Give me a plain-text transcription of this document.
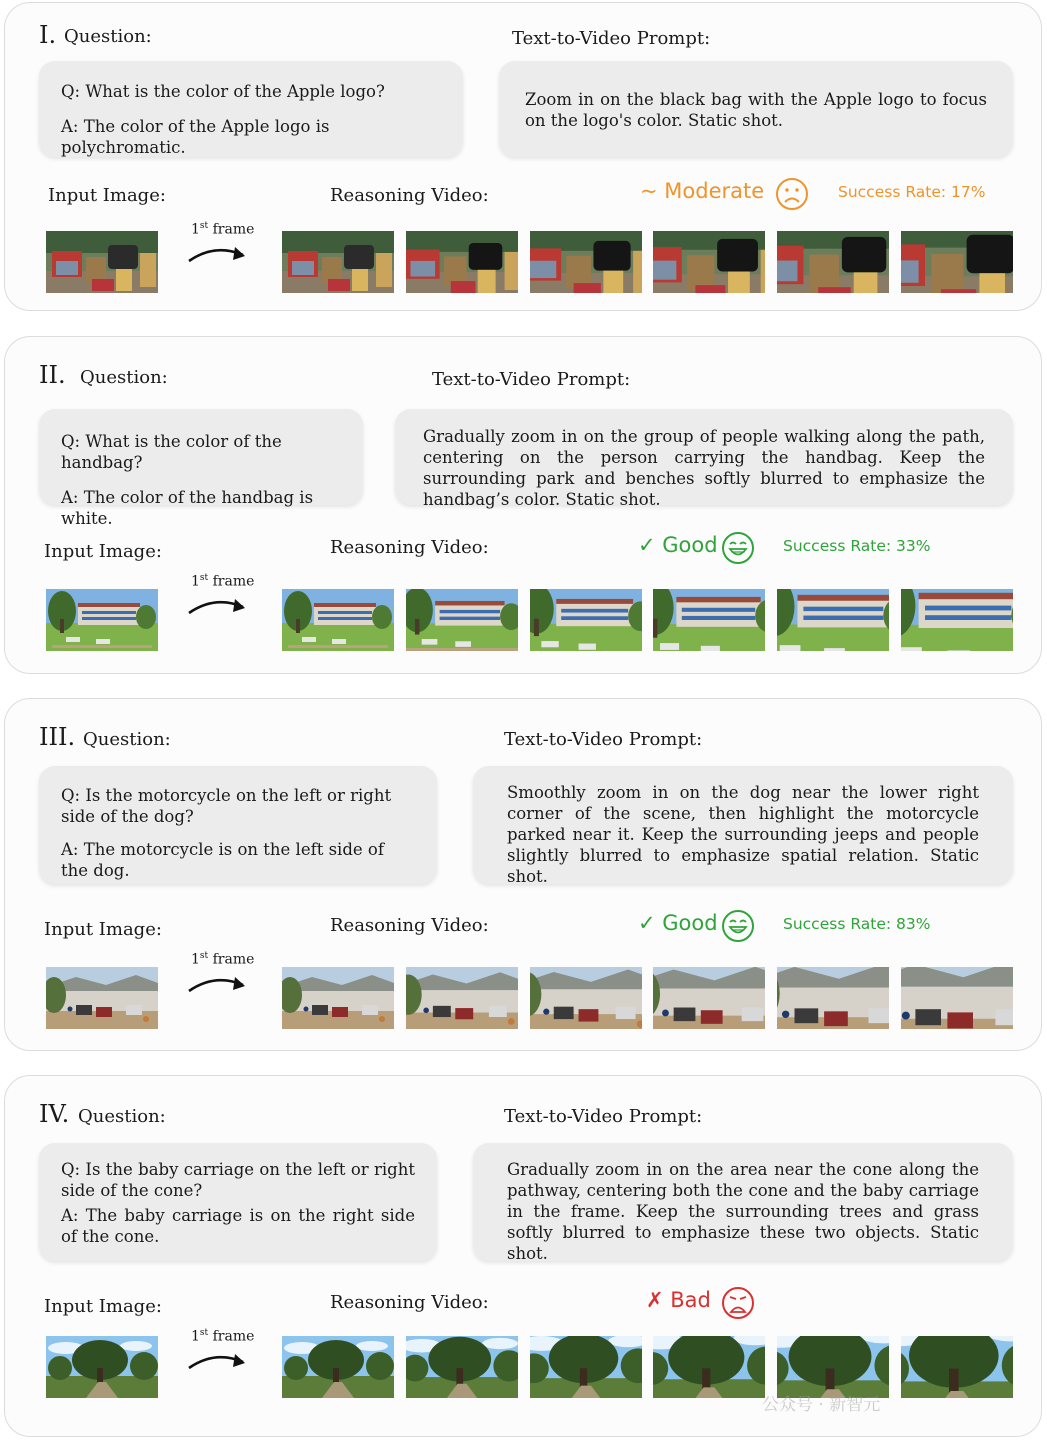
I. Question:	Text-to-Video Prompt:

Q: What is the color of the Apple logo?

A: The color of the Apple logo is polychromatic.

Zoom in on the black bag with the Apple logo to focus on the logo's color. Static shot.
Input Image:	Reasoning Video:	~ Moderate	Success Rate: 17%
1st frame
II. Question:	Text-to-Video Prompt:

Q: What is the color of the handbag?

A: The color of the handbag is white.

Gradually zoom in on the group of people walking along the path, centering on the person carrying the handbag. Keep the surrounding park and benches softly blurred to emphasize the handbag’s color. Static shot.
Input Image:	Reasoning Video:	✓ Good	Success Rate: 33%
1st frame
III. Question:	Text-to-Video Prompt:

Q: Is the motorcycle on the left or right side of the dog?

A: The motorcycle is on the left side of the dog.

Smoothly zoom in on the dog near the lower right corner of the scene, then highlight the motorcycle parked near it. Keep the surrounding jeeps and people slightly blurred to emphasize spatial relation. Static shot.
Input Image:	Reasoning Video:	✓ Good	Success Rate: 83%
1st frame
IV. Question:	Text-to-Video Prompt:

Q: Is the baby carriage on the left or right side of the cone?

A: The baby carriage is on the right side of the cone.

Gradually zoom in on the area near the cone along the pathway, centering both the cone and the baby carriage in the frame. Keep the surrounding trees and grass softly blurred to emphasize these two objects. Static shot.
Input Image:	Reasoning Video:	✗ Bad
1st frame
公众号 · 新智元
